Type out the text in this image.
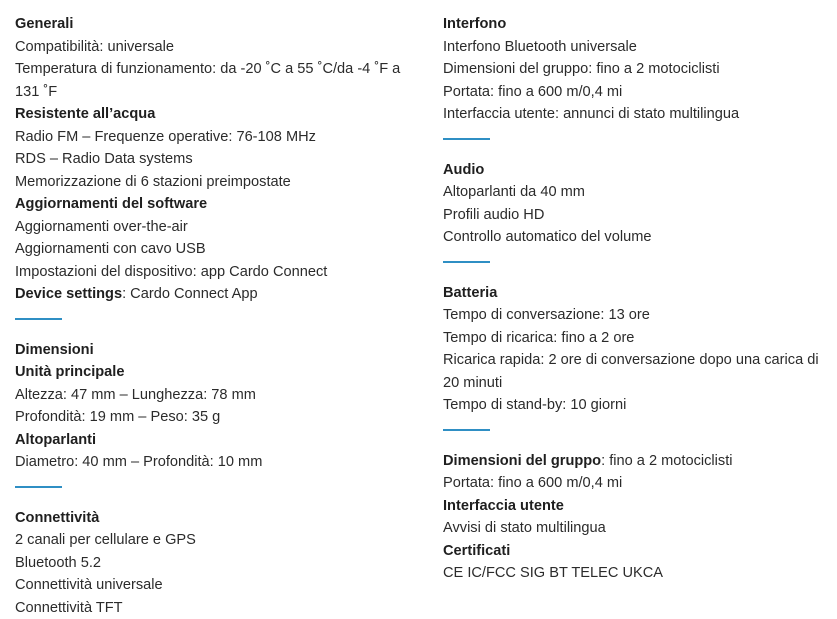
Generali
Compatibilità: universale
Temperatura di funzionamento: da -20 ˚C a 55 ˚C/da -4 ˚F a 131 ˚F
Resistente all’acqua
Radio FM – Frequenze operative: 76-108 MHz
RDS – Radio Data systems
Memorizzazione di 6 stazioni preimpostate
Aggiornamenti del software
Aggiornamenti over-the-air
Aggiornamenti con cavo USB
Impostazioni del dispositivo: app Cardo Connect
Device settings: Cardo Connect App
Dimensioni
Unità principale
Altezza: 47 mm – Lunghezza: 78 mm
Profondità: 19 mm – Peso: 35 g
Altoparlanti
Diametro: 40 mm – Profondità: 10 mm
Connettività
2 canali per cellulare e GPS
Bluetooth 5.2
Connettività universale
Connettività TFT
Interfono
Interfono Bluetooth universale
Dimensioni del gruppo: fino a 2 motociclisti
Portata: fino a 600 m/0,4 mi
Interfaccia utente: annunci di stato multilingua
Audio
Altoparlanti da 40 mm
Profili audio HD
Controllo automatico del volume
Batteria
Tempo di conversazione: 13 ore
Tempo di ricarica: fino a 2 ore
Ricarica rapida: 2 ore di conversazione dopo una carica di 20 minuti
Tempo di stand-by: 10 giorni
Dimensioni del gruppo: fino a 2 motociclisti
Portata: fino a 600 m/0,4 mi
Interfaccia utente
Avvisi di stato multilingua
Certificati
CE IC/FCC SIG BT TELEC UKCA
